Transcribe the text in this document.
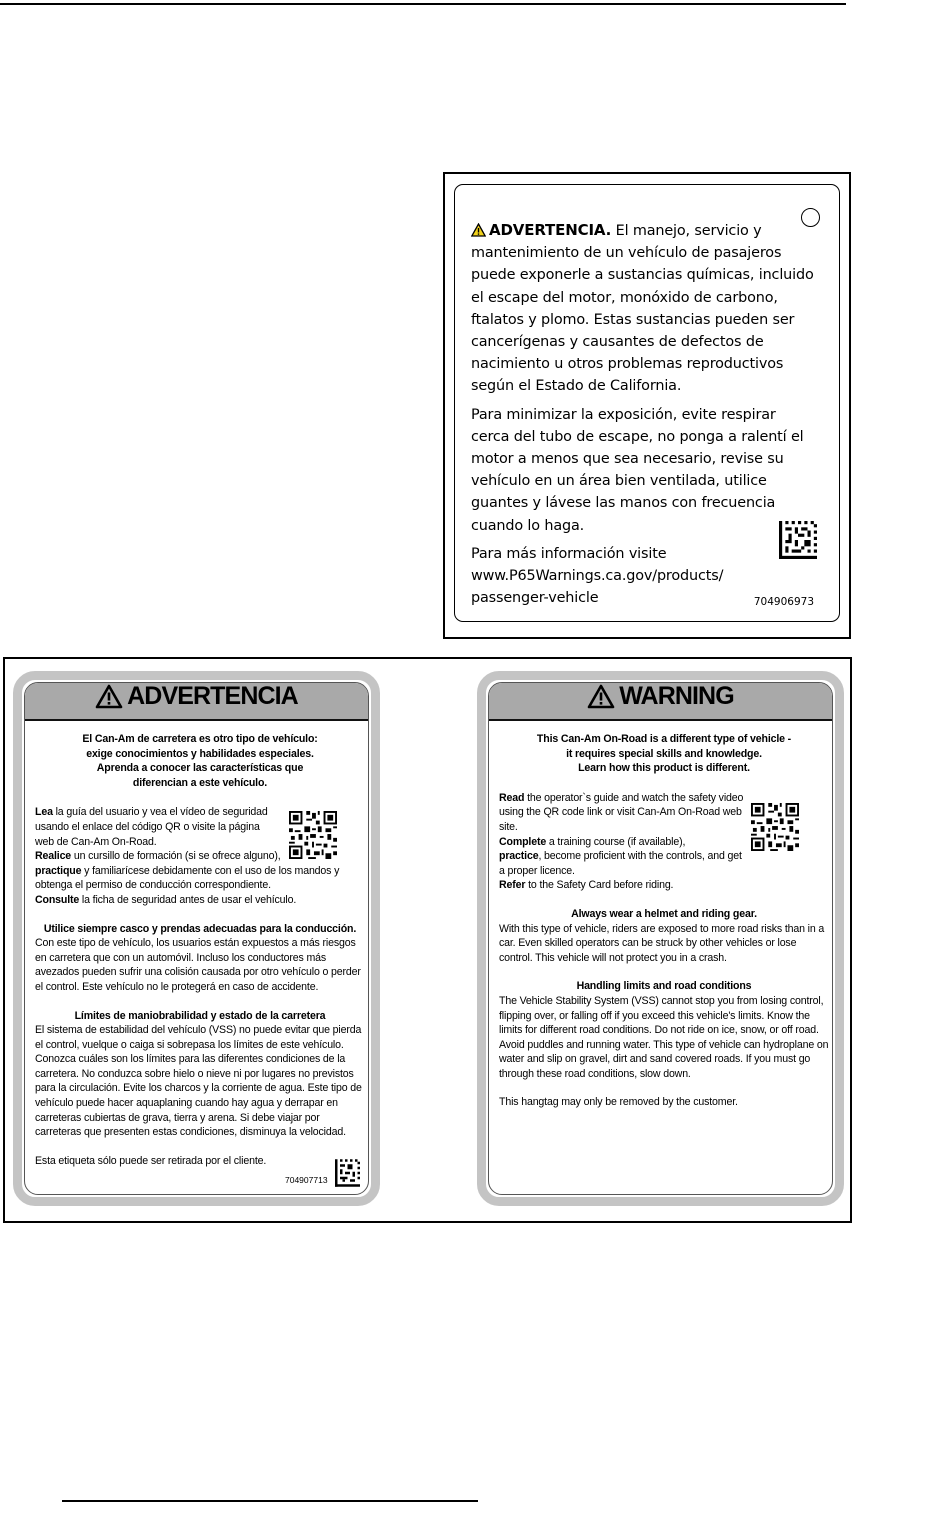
ADVERTENCIA. El manejo, servicio y mantenimiento de un vehículo de pasajeros puede exponerle a sustancias químicas, incluido el escape del motor, monóxido de carbono, ftalatos y plomo. Estas sustancias pueden ser cancerígenas y causantes de defectos de nacimiento u otros problemas reproductivos según el Estado de California.

Para minimizar la exposición, evite respirar cerca del tubo de escape, no ponga a ralentí el motor a menos que sea necesario, revise su vehículo en un área bien ventilada, utilice guantes y lávese las manos con frecuencia cuando lo haga.

Para más información visite www.P65Warnings.ca.gov/products/ passenger-vehicle	704906973
ADVERTENCIA

El Can-Am de carretera es otro tipo de vehículo:

exige conocimientos y habilidades especiales.

Aprenda a conocer las características que

diferencian a este vehículo.

Lea la guía del usuario y vea el vídeo de seguridad usando el enlace del código QR o visite la página web de Can-Am On-Road.

Realice un cursillo de formación (si se ofrece alguno),

practique y familiarícese debidamente con el uso de los mandos y obtenga el permiso de conducción correspondiente.

Consulte la ficha de seguridad antes de usar el vehículo.

Utilice siempre casco y prendas adecuadas para la conducción.

Con este tipo de vehículo, los usuarios están expuestos a más riesgos en carretera que con un automóvil. Incluso los conductores más avezados pueden sufrir una colisión causada por otro vehículo o perder el control. Este vehículo no le protegerá en caso de accidente.

Límites de maniobrabilidad y estado de la carretera

El sistema de estabilidad del vehículo (VSS) no puede evitar que pierda el control, vuelque o caiga si sobrepasa los límites de este vehículo. Conozca cuáles son los límites para las diferentes condiciones de la carretera. No conduzca sobre hielo o nieve ni por lugares no previstos para la circulación. Evite los charcos y la corriente de agua. Este tipo de vehículo puede hacer aquaplaning cuando hay agua y derrapar en carreteras cubiertas de grava, tierra y arena. Si debe viajar por carreteras que presenten estas condiciones, disminuya la velocidad.

Esta etiqueta sólo puede ser retirada por el cliente.

704907713
WARNING

This Can-Am On-Road is a different type of vehicle -

it requires special skills and knowledge.

Learn how this product is different.

Read the operator`s guide and watch the safety video using the QR code link or visit Can-Am On-Road web site.

Complete a training course (if available),

practice, become proficient with the controls, and get a proper licence.

Refer to the Safety Card before riding.

Always wear a helmet and riding gear.

With this type of vehicle, riders are exposed to more road risks than in a car. Even skilled operators can be struck by other vehicles or lose control. This vehicle will not protect you in a crash.

Handling limits and road conditions

The Vehicle Stability System (VSS) cannot stop you from losing control, flipping over, or falling off if you exceed this vehicle's limits. Know the limits for different road conditions. Do not ride on ice, snow, or off road. Avoid puddles and running water. This type of vehicle can hydroplane on water and slip on gravel, dirt and sand covered roads. If you must go through these road conditions, slow down.

This hangtag may only be removed by the customer.
